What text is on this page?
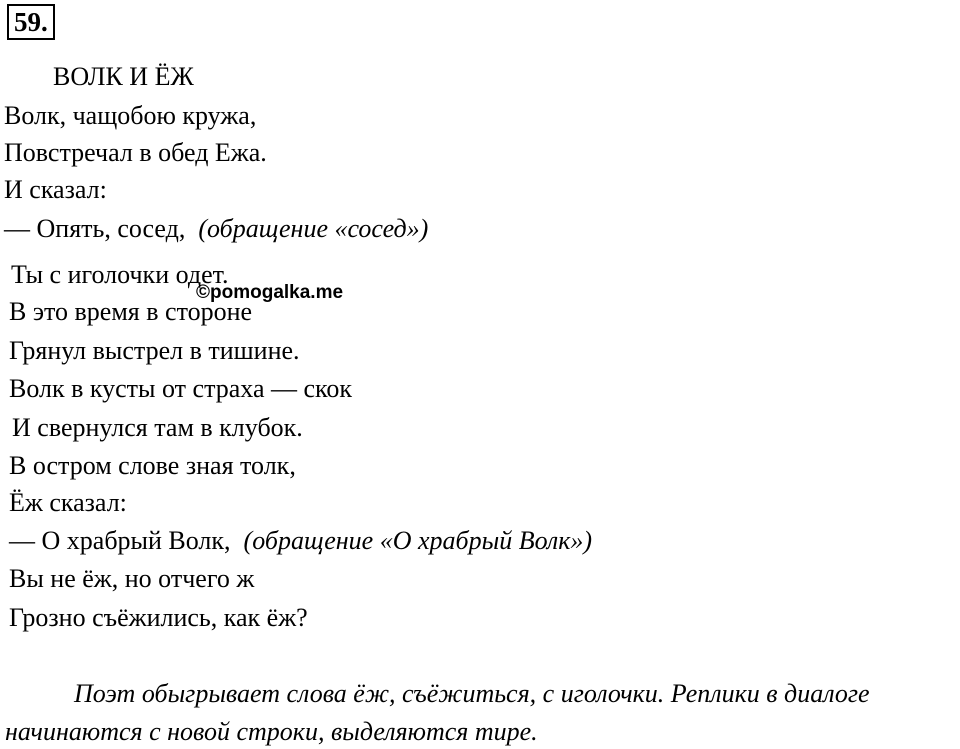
59.
ВОЛК И ЁЖ
Волк, чащобою кружа,
Повстречал в обед Ежа.
И сказал:
— Опять, сосед, (обращение «сосед»)
Ты с иголочки одет.
В это время в стороне
©pomogalka.me
Грянул выстрел в тишине.
Волк в кусты от страха — скок
И свернулся там в клубок.
В остром слове зная толк,
Ёж сказал:
— О храбрый Волк, (обращение «О храбрый Волк»)
Вы не ёж, но отчего ж
Грозно съёжились, как ёж?
Поэт обыгрывает слова ёж, съёжиться, с иголочки. Реплики в диалоге
начинаются с новой строки, выделяются тире.
